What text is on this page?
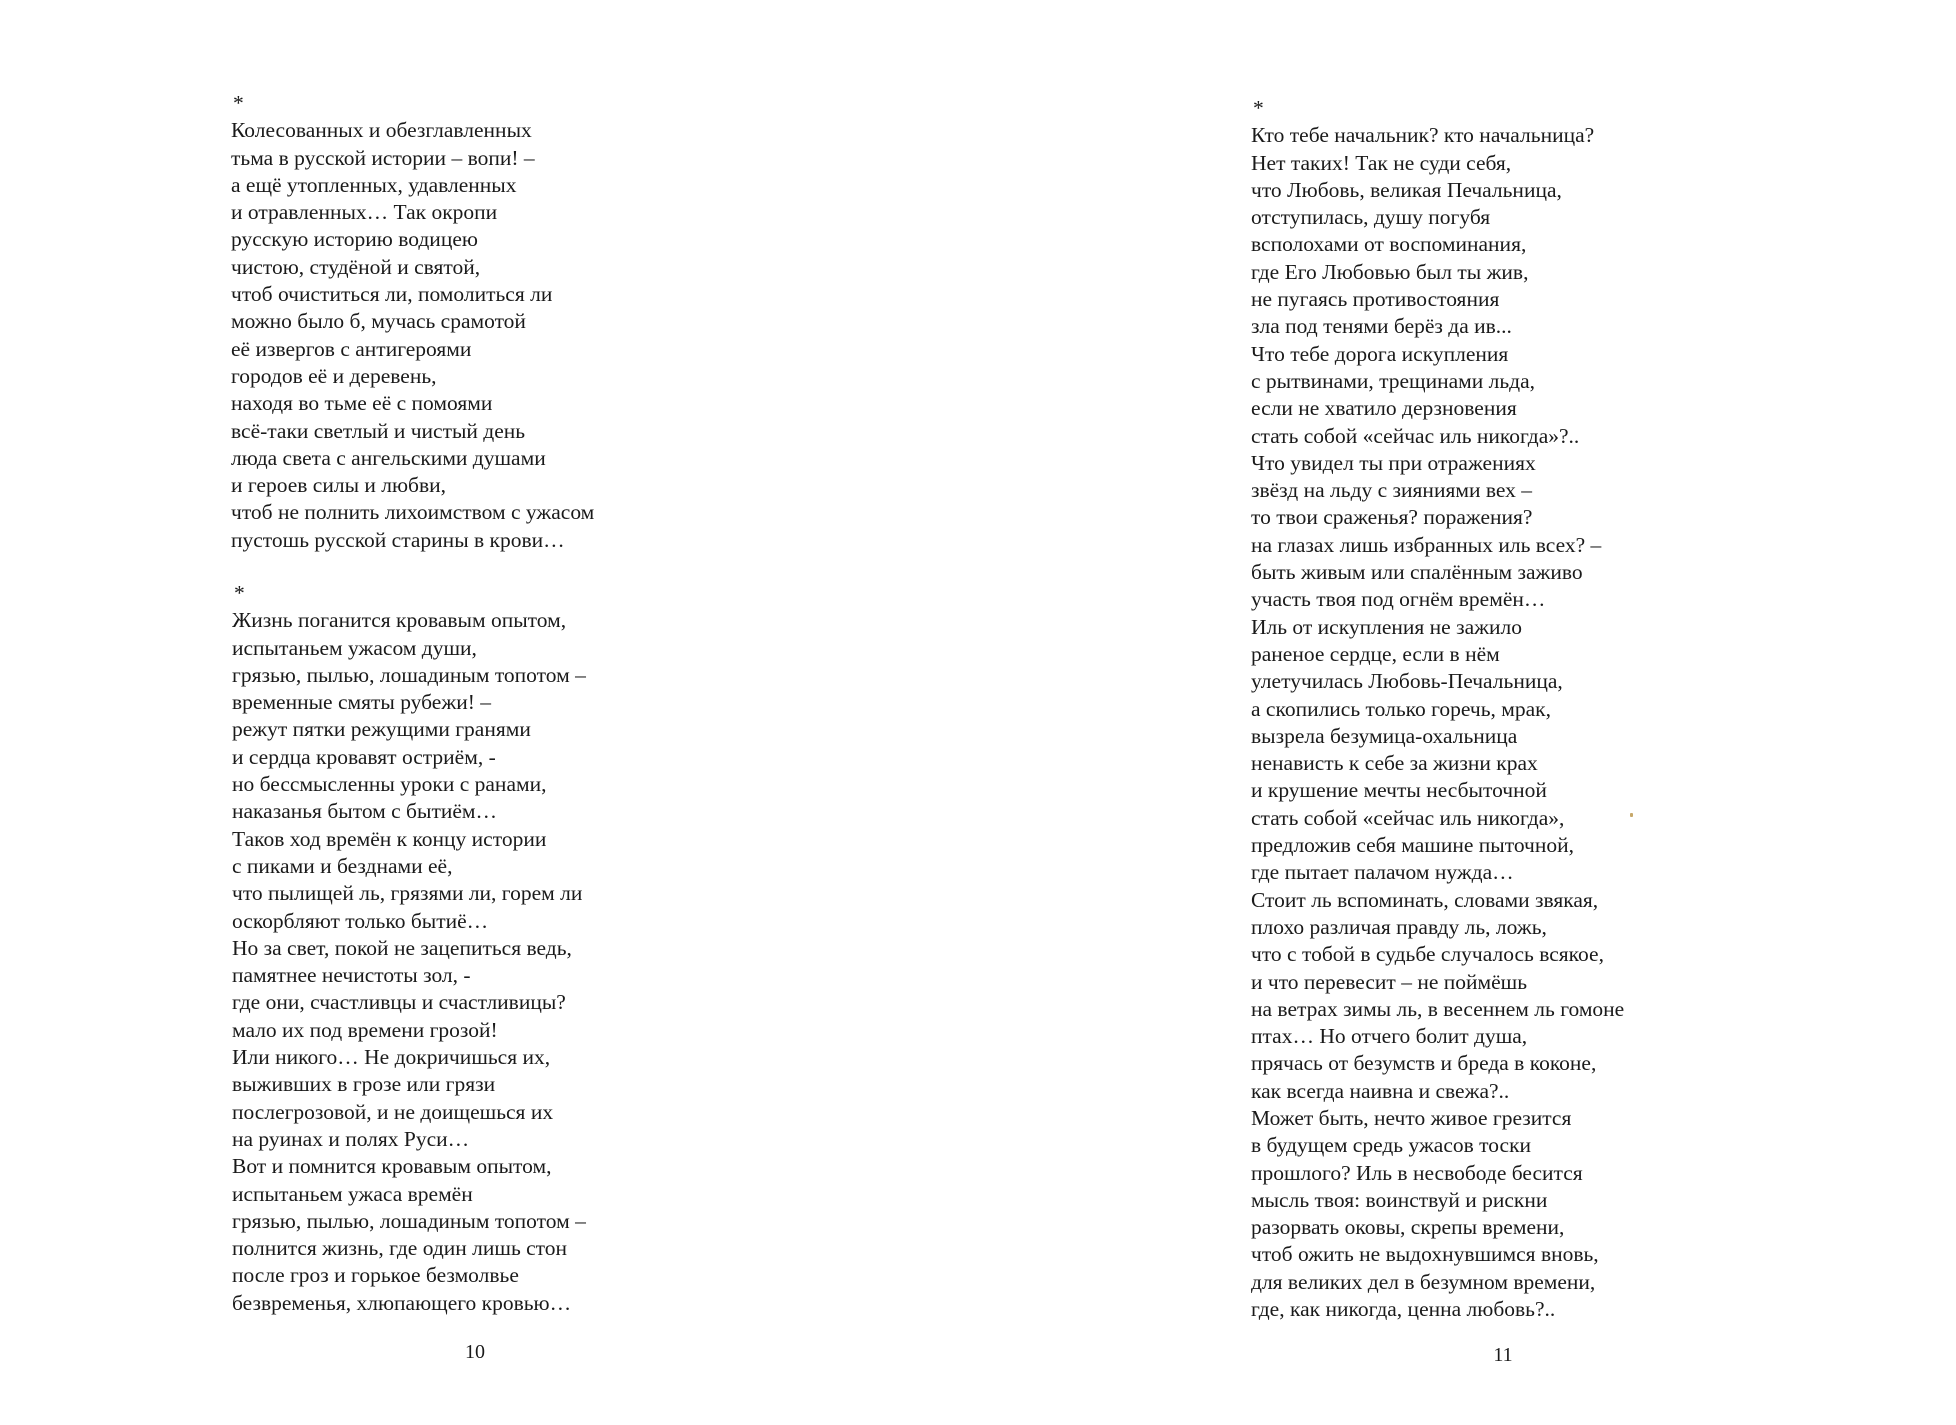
*
Колесованных и обезглавленных
тьма в русской истории – вопи! –
а ещё утопленных, удавленных
и отравленных… Так окропи
русскую историю водицею
чистою, студёной и святой,
чтоб очиститься ли, помолиться ли
можно было б, мучась срамотой
её извергов с антигероями
городов её и деревень,
находя во тьме её с помоями
всё-таки светлый и чистый день
люда света с ангельскими душами
и героев силы и любви,
чтоб не полнить лихоимством с ужасом
пустошь русской старины в крови…
*
Жизнь поганится кровавым опытом,
испытаньем ужасом души,
грязью, пылью, лошадиным топотом –
временныe смяты рубежи! –
режут пятки режущими гранями
и сердца кровавят остриём, -
но бессмысленны уроки с ранами,
наказанья бытом с бытиём…
Таков ход времён к концу истории
с пиками и безднами её,
что пылищей ль, грязями ли, горем ли
оскорбляют только бытиё…
Но за свет, покой не зацепиться ведь,
памятнее нечистоты зол, -
где они, счастливцы и счастливицы?
мало их под времени грозой!
Или никого… Не докричишься их,
выживших в грозе или грязи
послегрозовой, и не доищешься их
на руинах и полях Руси…
Вот и помнится кровавым опытом,
испытаньем ужаса времён
грязью, пылью, лошадиным топотом –
полнится жизнь, где один лишь стон
после гроз и горькое безмолвье
безвременья, хлюпающего кровью…
10
*
Кто тебе начальник? кто начальница?
Нет таких! Так не суди себя,
что Любовь, великая Печальница,
отступилась, душу погубя
всполохами от воспоминания,
где Его Любовью был ты жив,
не пугаясь противостояния
зла под тенями берёз да ив...
Что тебе дорога искупления
с рытвинами, трещинами льда,
если не хватило дерзновения
стать собой «сейчас иль никогда»?..
Что увидел ты при отражениях
звёзд на льду с зияниями вех –
то твои сраженья? поражения?
на глазах лишь избранных иль всех? –
быть живым или спалённым заживо
участь твоя под огнём времён…
Иль от искупления не зажило
раненое сердце, если в нём
улетучилась Любовь-Печальница,
а скопились только горечь, мрак,
вызрела безумица-охальница
ненависть к себе за жизни крах
и крушение мечты несбыточной
стать собой «сейчас иль никогда»,
предложив себя машине пыточной,
где пытает палачом нужда…
Стоит ль вспоминать, словами звякая,
плохо различая правду ль, ложь,
что с тобой в судьбе случалось всякое,
и что перевесит – не поймёшь
на ветрах зимы ль, в весеннем ль гомоне
птах… Но отчего болит душа,
прячась от безумств и бреда в коконе,
как всегда наивна и свежа?..
Может быть, нечто живое грезится
в будущем средь ужасов тоски
прошлого? Иль в несвободе бесится
мысль твоя: воинствуй и рискни
разорвать оковы, скрепы времени,
чтоб ожить не выдохнувшимся вновь,
для великих дел в безумном времени,
где, как никогда, ценна любовь?..
11
